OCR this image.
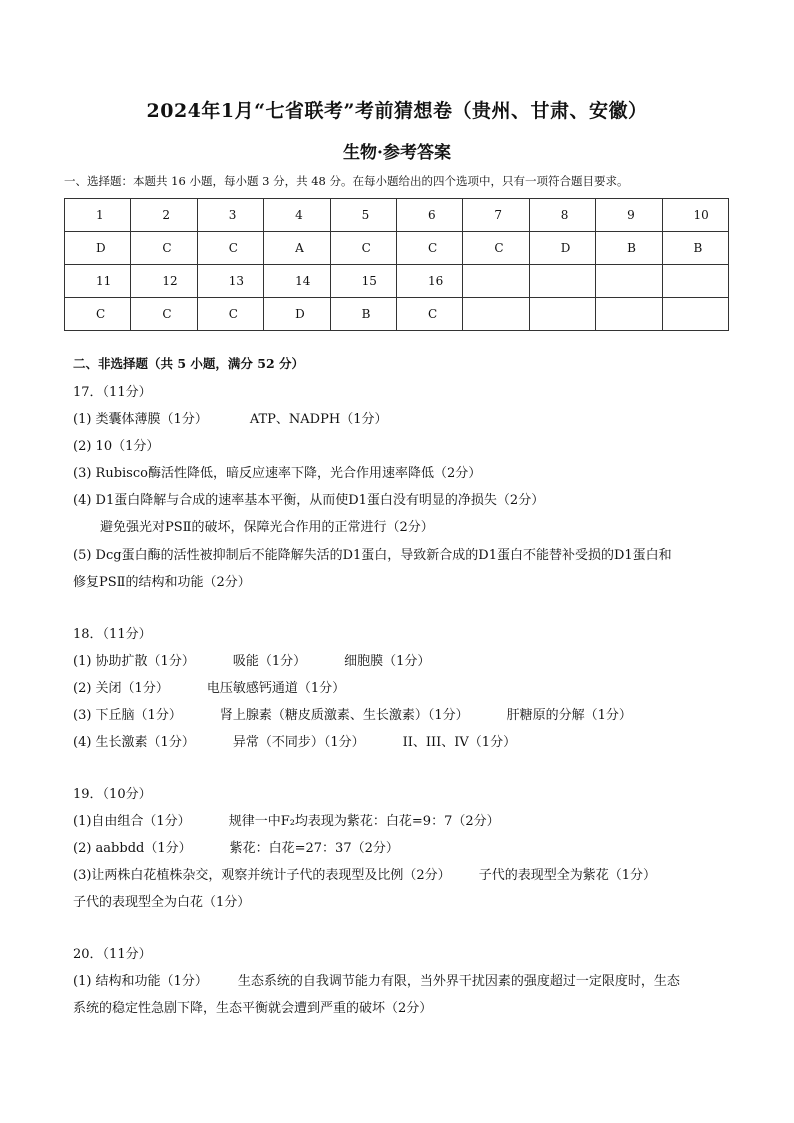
2024年1月“七省联考”考前猜想卷（贵州、甘肃、安徽）
生物·参考答案
一、选择题：本题共 16 小题，每小题 3 分，共 48 分。在每小题给出的四个选项中，只有一项符合题目要求。
1	2	3	4	5	6	7	8	9	10
D	C	C	A	C	C	C	D	B	B
11	12	13	14	15	16				
C	C	C	D	B	C				
二、非选择题（共 5 小题，满分 52 分）
17．（11分）
(1) 类囊体薄膜（1分）	ATP、NADPH（1分）
(2) 10（1分）
(3) Rubisco酶活性降低，暗反应速率下降，光合作用速率降低（2分）
(4) D1蛋白降解与合成的速率基本平衡，从而使D1蛋白没有明显的净损失（2分）
避免强光对PSⅡ的破坏，保障光合作用的正常进行（2分）
(5) Dcg蛋白酶的活性被抑制后不能降解失活的D1蛋白，导致新合成的D1蛋白不能替补受损的D1蛋白和
修复PSⅡ的结构和功能（2分）
18．（11分）
(1) 协助扩散（1分）	吸能（1分）	细胞膜（1分）
(2) 关闭（1分）	电压敏感钙通道（1分）
(3) 下丘脑（1分）	肾上腺素（糖皮质激素、生长激素）（1分）	肝糖原的分解（1分）
(4) 生长激素（1分）	异常（不同步）（1分）	II、III、IV（1分）
19．（10分）
(1)自由组合（1分）	规律一中F₂均表现为紫花：白花=9：7（2分）
(2) aabbdd（1分）	紫花：白花=27：37（2分）
(3)让两株白花植株杂交，观察并统计子代的表现型及比例（2分） 子代的表现型全为紫花（1分）
子代的表现型全为白花（1分）
20．（11分）
(1) 结构和功能（1分） 生态系统的自我调节能力有限，当外界干扰因素的强度超过一定限度时，生态
系统的稳定性急剧下降，生态平衡就会遭到严重的破坏（2分）
